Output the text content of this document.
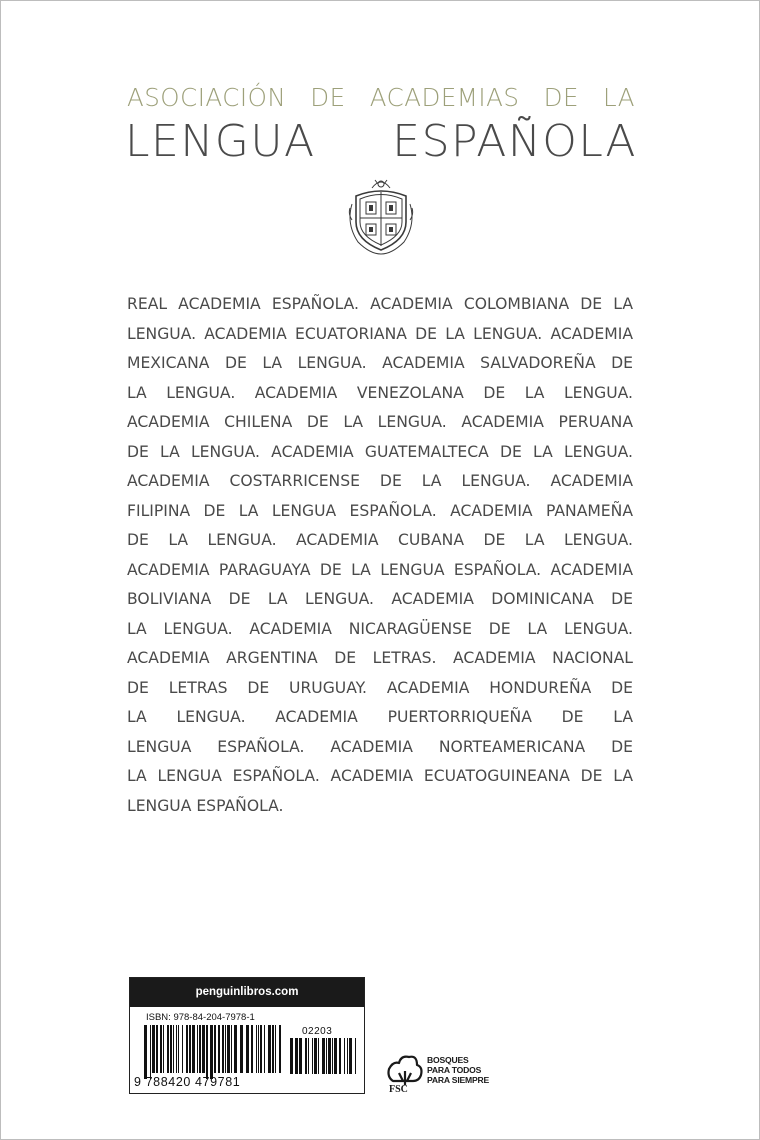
ASOCIACIÓN DE ACADEMIAS DE LA
LENGUA ESPAÑOLA
REAL ACADEMIA ESPAÑOLA. ACADEMIA COLOMBIANA DE LA
LENGUA. ACADEMIA ECUATORIANA DE LA LENGUA. ACADEMIA
MEXICANA DE LA LENGUA. ACADEMIA SALVADOREÑA DE
LA LENGUA. ACADEMIA VENEZOLANA DE LA LENGUA.
ACADEMIA CHILENA DE LA LENGUA. ACADEMIA PERUANA
DE LA LENGUA. ACADEMIA GUATEMALTECA DE LA LENGUA.
ACADEMIA COSTARRICENSE DE LA LENGUA. ACADEMIA
FILIPINA DE LA LENGUA ESPAÑOLA. ACADEMIA PANAMEÑA
DE LA LENGUA. ACADEMIA CUBANA DE LA LENGUA.
ACADEMIA PARAGUAYA DE LA LENGUA ESPAÑOLA. ACADEMIA
BOLIVIANA DE LA LENGUA. ACADEMIA DOMINICANA DE
LA LENGUA. ACADEMIA NICARAGÜENSE DE LA LENGUA.
ACADEMIA ARGENTINA DE LETRAS. ACADEMIA NACIONAL
DE LETRAS DE URUGUAY. ACADEMIA HONDUREÑA DE
LA LENGUA. ACADEMIA PUERTORRIQUEÑA DE LA
LENGUA ESPAÑOLA. ACADEMIA NORTEAMERICANA DE
LA LENGUA ESPAÑOLA. ACADEMIA ECUATOGUINEANA DE LA
LENGUA ESPAÑOLA.
penguinlibros.com
ISBN: 978-84-204-7978-1
02203
9 788420 479781
FSC
BOSQUES
PARA TODOS
PARA SIEMPRE
